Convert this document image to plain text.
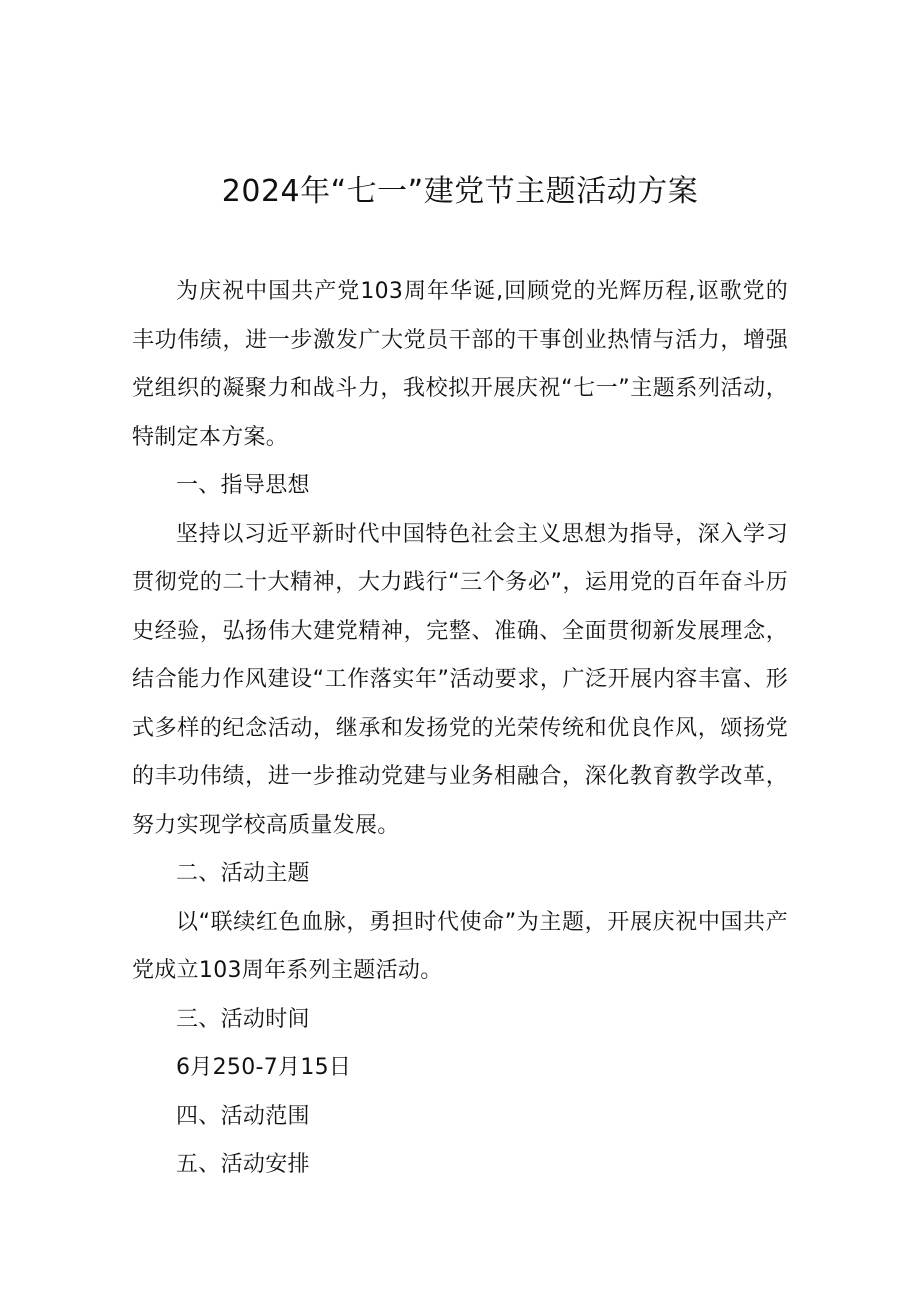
2024年“七一”建党节主题活动方案

为庆祝中国共产党103周年华诞,回顾党的光辉历程,讴歌党的丰功伟绩，进一步激发广大党员干部的干事创业热情与活力，增强党组织的凝聚力和战斗力，我校拟开展庆祝“七一”主题系列活动，特制定本方案。

一、指导思想

坚持以习近平新时代中国特色社会主义思想为指导，深入学习贯彻党的二十大精神，大力践行“三个务必”，运用党的百年奋斗历史经验，弘扬伟大建党精神，完整、准确、全面贯彻新发展理念，结合能力作风建设“工作落实年”活动要求，广泛开展内容丰富、形式多样的纪念活动，继承和发扬党的光荣传统和优良作风，颂扬党的丰功伟绩，进一步推动党建与业务相融合，深化教育教学改革，努力实现学校高质量发展。

二、活动主题

以“联续红色血脉，勇担时代使命”为主题，开展庆祝中国共产党成立103周年系列主题活动。

三、活动时间

6月250-7月15日

四、活动范围

五、活动安排
